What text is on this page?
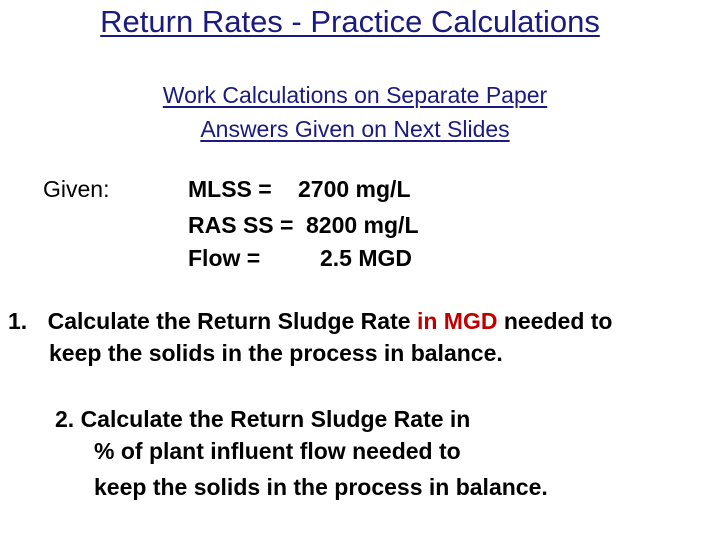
Return Rates - Practice Calculations
Work Calculations on Separate Paper
Answers Given on Next Slides
Given:	MLSS = 2700 mg/L
RAS SS = 8200 mg/L
Flow =	2.5 MGD
1. Calculate the Return Sludge Rate in MGD needed to
keep the solids in the process in balance.
2. Calculate the Return Sludge Rate in
% of plant influent flow needed to
keep the solids in the process in balance.
